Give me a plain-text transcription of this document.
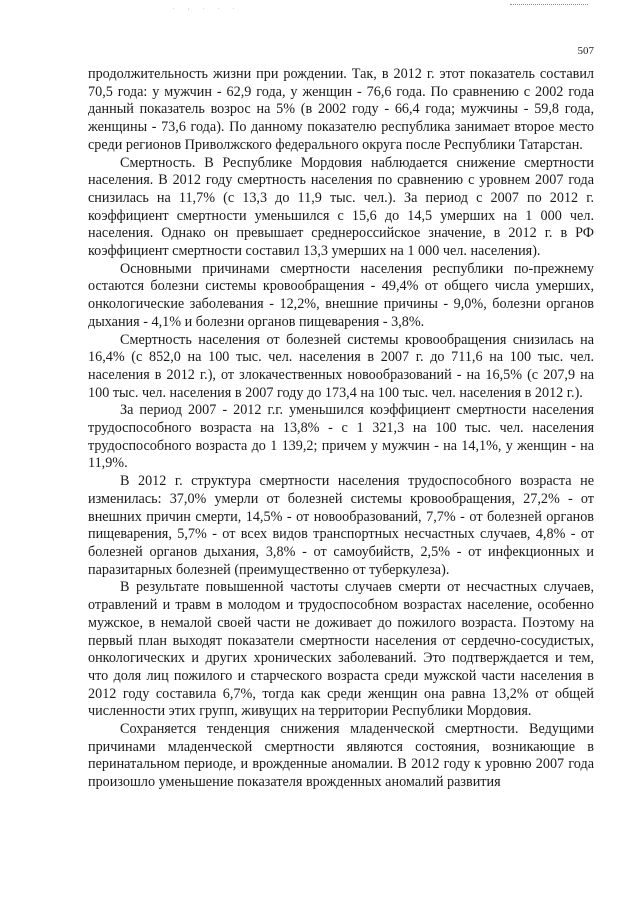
. , . . .
507

продолжительность жизни при рождении. Так, в 2012 г. этот показатель составил 70,5 года: у мужчин - 62,9 года, у женщин - 76,6 года. По сравнению с 2002 года данный показатель возрос на 5% (в 2002 году - 66,4 года; мужчины - 59,8 года, женщины - 73,6 года). По данному показателю республика занимает второе место среди регионов Приволжского федерального округа после Республики Татарстан.

Смертность. В Республике Мордовия наблюдается снижение смертности населения. В 2012 году смертность населения по сравнению с уровнем 2007 года снизилась на 11,7% (с 13,3 до 11,9 тыс. чел.). За период с 2007 по 2012 г. коэффициент смертности уменьшился с 15,6 до 14,5 умерших на 1 000 чел. населения. Однако он превышает среднероссийское значение, в 2012 г. в РФ коэффициент смертности составил 13,3 умерших на 1 000 чел. населения).

Основными причинами смертности населения республики по-прежнему остаются болезни системы кровообращения - 49,4% от общего числа умерших, онкологические заболевания - 12,2%, внешние причины - 9,0%, болезни органов дыхания - 4,1% и болезни органов пищеварения - 3,8%.

Смертность населения от болезней системы кровообращения снизилась на 16,4% (с 852,0 на 100 тыс. чел. населения в 2007 г. до 711,6 на 100 тыс. чел. населения в 2012 г.), от злокачественных новообразований - на 16,5% (с 207,9 на 100 тыс. чел. населения в 2007 году до 173,4 на 100 тыс. чел. населения в 2012 г.).

За период 2007 - 2012 г.г. уменьшился коэффициент смертности населения трудоспособного возраста на 13,8% - с 1 321,3 на 100 тыс. чел. населения трудоспособного возраста до 1 139,2; причем у мужчин - на 14,1%, у женщин - на 11,9%.

В 2012 г. структура смертности населения трудоспособного возраста не изменилась: 37,0% умерли от болезней системы кровообращения, 27,2% - от внешних причин смерти, 14,5% - от новообразований, 7,7% - от болезней органов пищеварения, 5,7% - от всех видов транспортных несчастных случаев, 4,8% - от болезней органов дыхания, 3,8% - от самоубийств, 2,5% - от инфекционных и паразитарных болезней (преимущественно от туберкулеза).

В результате повышенной частоты случаев смерти от несчастных случаев, отравлений и травм в молодом и трудоспособном возрастах население, особенно мужское, в немалой своей части не доживает до пожилого возраста. Поэтому на первый план выходят показатели смертности населения от сердечно-сосудистых, онкологических и других хронических заболеваний. Это подтверждается и тем, что доля лиц пожилого и старческого возраста среди мужской части населения в 2012 году составила 6,7%, тогда как среди женщин она равна 13,2% от общей численности этих групп, живущих на территории Республики Мордовия.

Сохраняется тенденция снижения младенческой смертности. Ведущими причинами младенческой смертности являются состояния, возникающие в перинатальном периоде, и врожденные аномалии. В 2012 году к уровню 2007 года произошло уменьшение показателя врожденных аномалий развития
